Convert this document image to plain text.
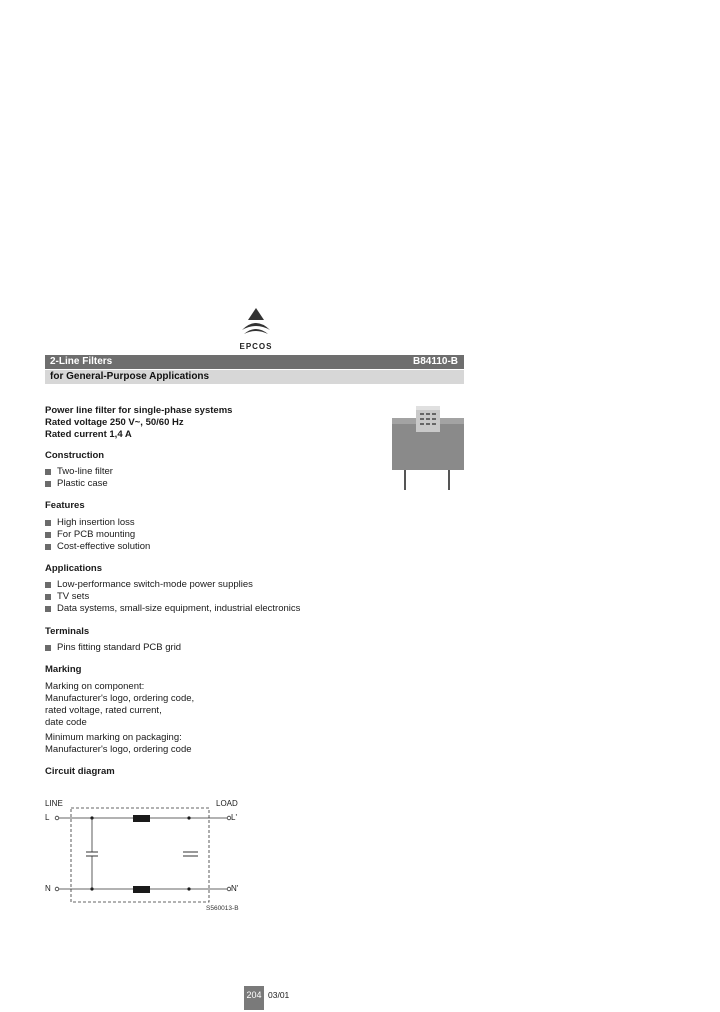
EPCOS
2-Line Filters	B84110-B
for General-Purpose Applications
Power line filter for single-phase systems
Rated voltage 250 V~, 50/60 Hz
Rated current 1,4 A
Construction
Two-line filter
Plastic case
Features
High insertion loss
For PCB mounting
Cost-effective solution
Applications
Low-performance switch-mode power supplies
TV sets
Data systems, small-size equipment, industrial electronics
Terminals
Pins fitting standard PCB grid
Marking
Marking on component:
Manufacturer's logo, ordering code,
rated voltage, rated current,
date code
Minimum marking on packaging:
Manufacturer's logo, ordering code
Circuit diagram
LINE	LOAD
L	L'
N	N'
S560013-B
204 03/01
